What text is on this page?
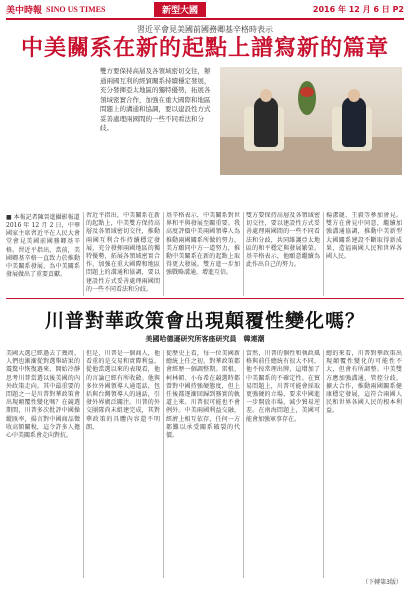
美中時報 SINO US TIMES	新型大國	2016 年 12 月 6 日 P2
習近平會見美國前國務卿基辛格時表示
中美關系在新的起點上譜寫新的篇章
雙方要保持高層及各領域密切交往，辦通兩國互利的經貿關系持續穩定發展，充分發揮亞太地區的獨特優勢，拓展各領域密實合作，加強在重大國際和地區問題上的溝通和協調，要以建設性方式妥善處理兩國間的一些不同看法和分歧。
■ 本報記者陳晉進攝影報道
2016 年 12 月 2 日，中華國家主席習近平在人民大會堂會見美國前國務卿基辛格。習近平指出，當前，美國卿基辛格一直致力於推動中美關系發展，為中美關系發展做出了重要貢獻。
習近平指出，中美關系在新的起點上，中美雙方保持高層及各領域密切交往，推動兩國互利合作持續穩定發展，充分發揮兩國地區的獨特優勢，拓展各領域密實合作，加強在重大國際和地區問題上的溝通和協調，要以建設性方式妥善處理兩國間的一些不同看法和分歧。
基辛格表示，中美關系對世界和平與發展至關重要。我高度評價中美兩國領導人為推動兩國關系所做的努力，美方願同中方一道努力，推動中美關系在新的起點上取得更大發展。雙方進一步加強戰略溝通，增進互信。
雙方要保持高層及各領域密切交往，要以建設性方式妥善處理兩國間的一些不同看法和分歧，共同維護亞太地區的和平穩定與發展繁榮。基辛格表示，他願意繼續為此作出自己的努力。
楊潔篪、王毅等參加會見。雙方在會見中同意，繼續加強溝通協調，推動中美新型大國關系建設不斷取得新成果，造福兩國人民和世界各國人民。
川普對華政策會出現顛覆性變化嗎？
美國哈德遜研究所客座研究員　韓連潮
美國大選已經過去了幾周，人們也漸漸從對選舉結果的震驚中恢復過來，開始冷靜思考川普當選以後美國的內外政策走向。其中最重要的問題之一是川普對華政策會出現顛覆性變化嗎？在競選期間，川普多次批評中國操縱匯率，揚言對中國商品徵收高額關稅，這令許多人擔心中美關系會走向對抗。
但是，川普是一個商人，他看重的是交易和實際利益。從他當選以來的表現看，他的言論已經有所收斂。他與多位外國領導人通電話，包括與台灣領導人的通話，引發外界廣泛關注。川普的外交團隊尚未組建完成，其對華政策的具體內容還不明朗。
從歷史上看，每一位美國新總統上任之初，對華政策都會經歷一個調整期。雷根、柯林頓、小布希在競選時都曾對中國持強硬態度，但上任後都逐漸回歸到務實的軌道上來。川普很可能也不會例外。中美兩國利益交融，經濟上相互依存，任何一方都難以承受關系破裂的代價。
當然，川普的個性和執政風格與前任總統有很大不同，他不按常理出牌，這增加了中美關系的不確定性。在貿易問題上，川普可能會採取更強硬的立場，要求中國進一步開放市場，減少貿易逆差。在南海問題上，美國可能會加強軍事存在。
總的來看，川普對華政策出現顛覆性變化的可能性不大，但會有所調整。中美雙方應加強溝通，管控分歧，擴大合作，推動兩國關系健康穩定發展，這符合兩國人民和世界各國人民的根本利益。
（下轉第3版）
